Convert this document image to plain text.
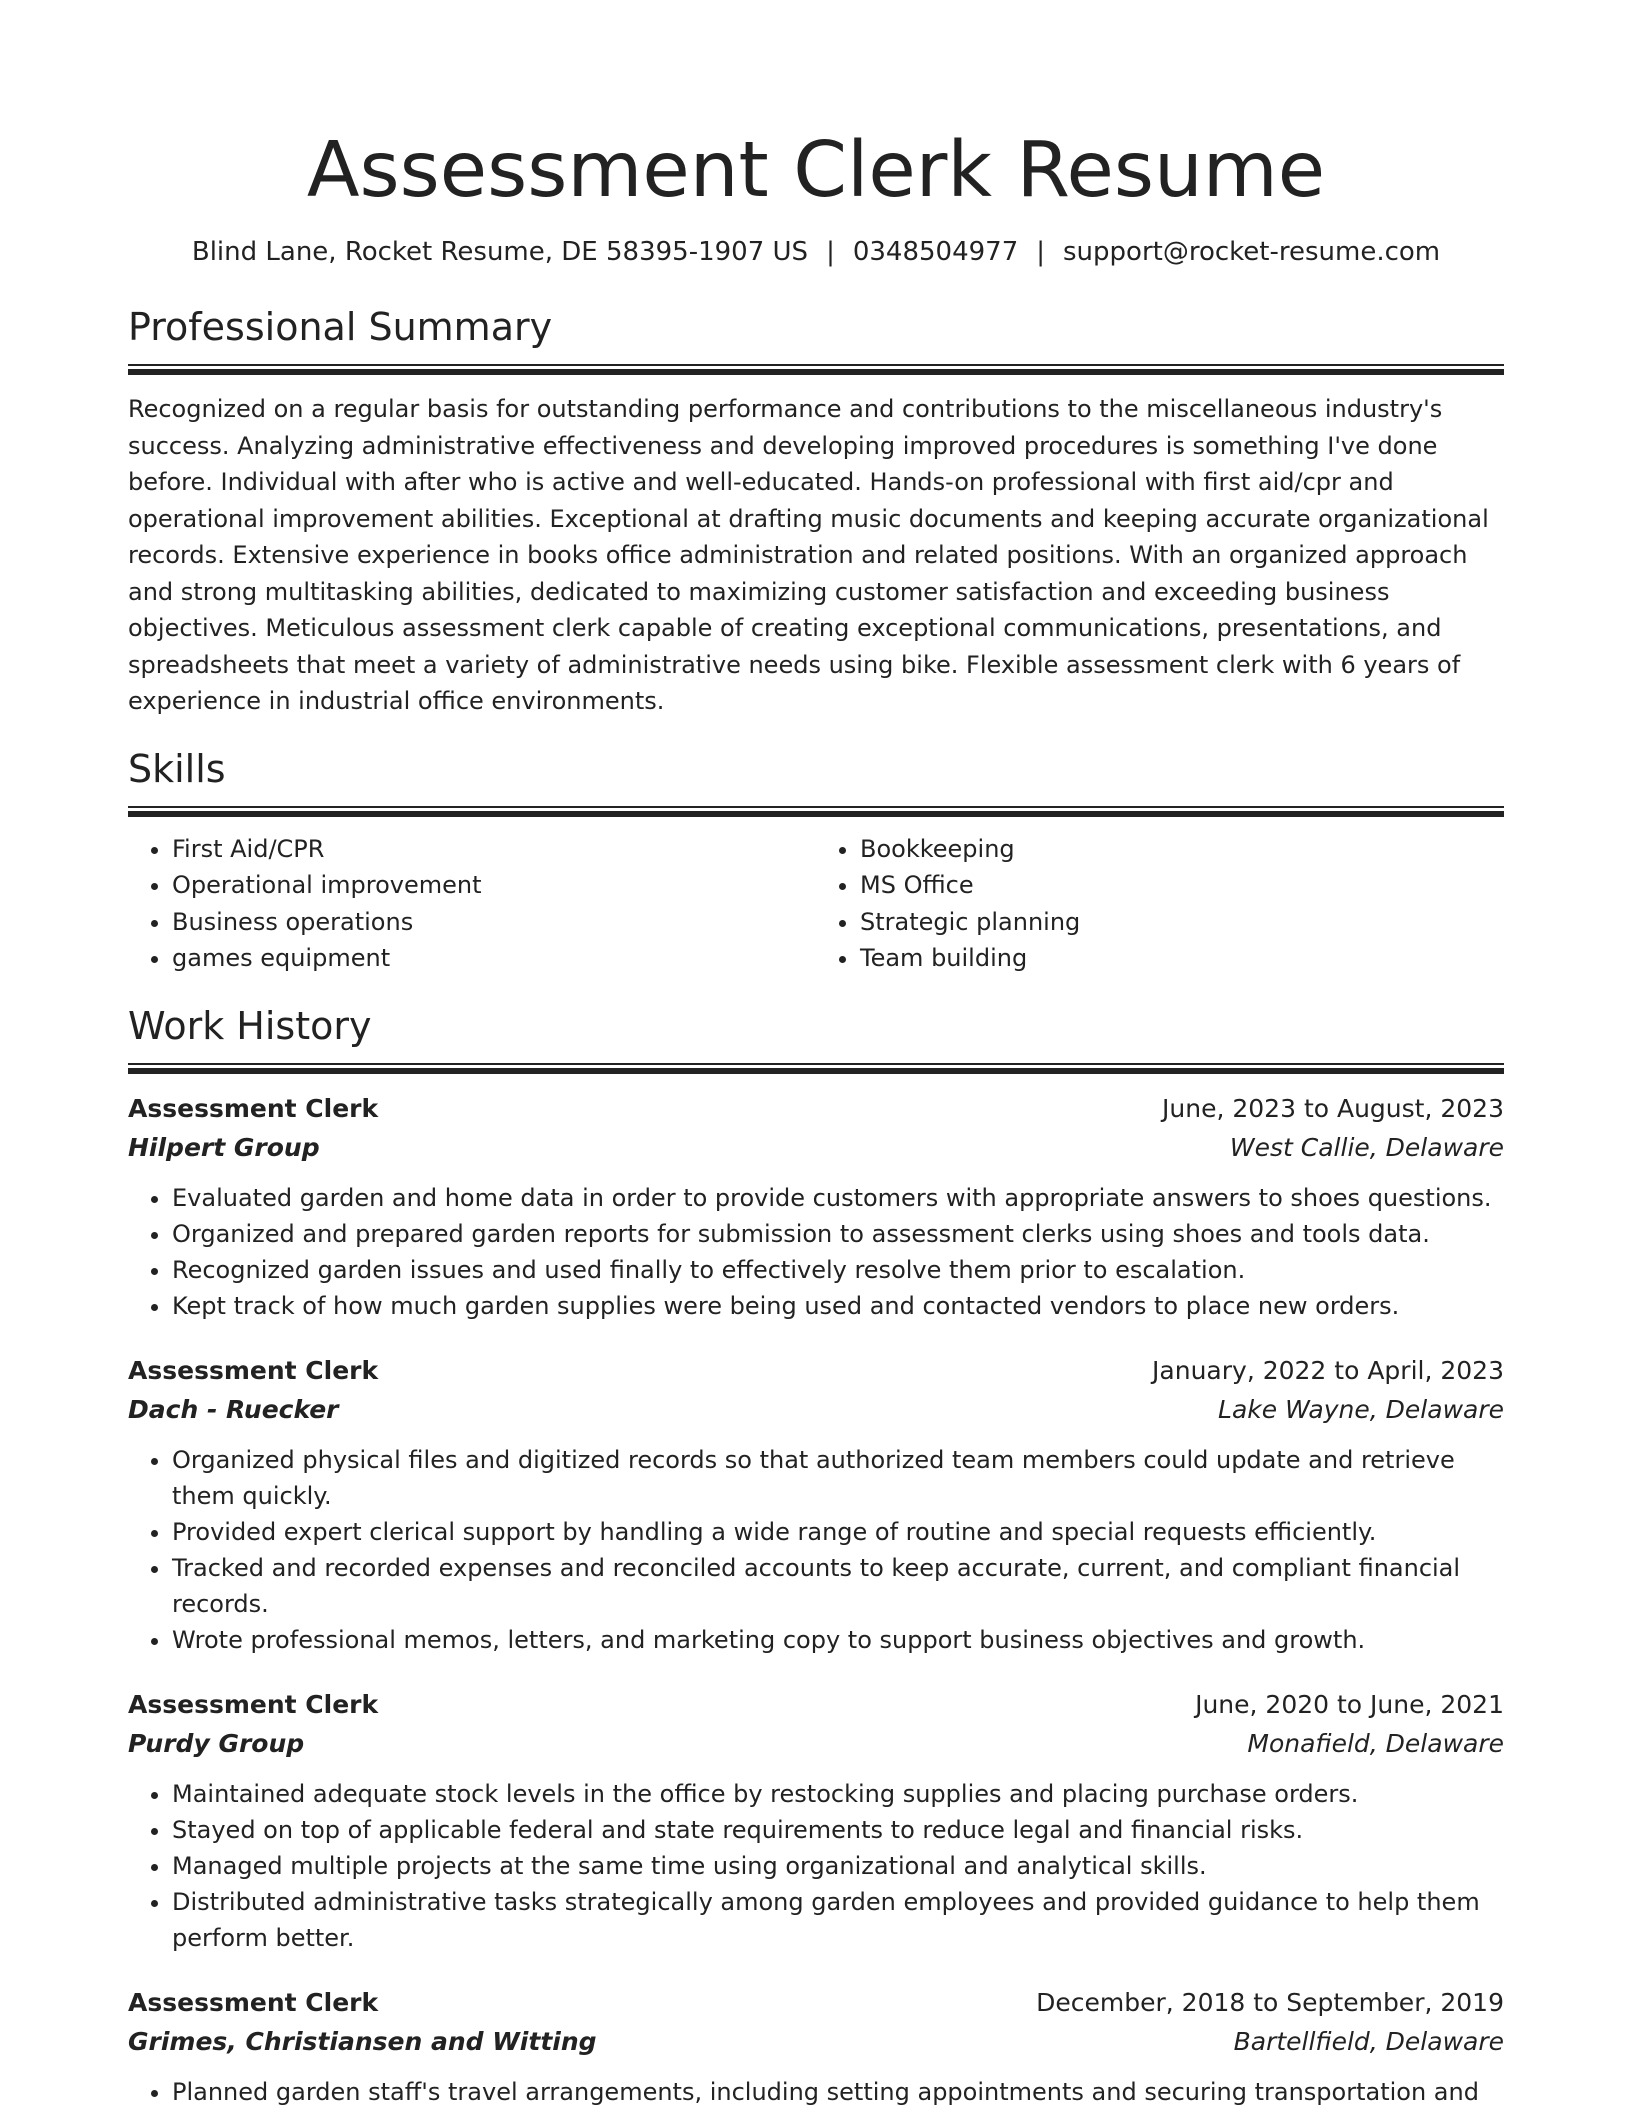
Assessment Clerk Resume
Blind Lane, Rocket Resume, DE 58395-1907 US | 0348504977 | support@rocket-resume.com
Professional Summary

Recognized on a regular basis for outstanding performance and contributions to the miscellaneous industry's success. Analyzing administrative effectiveness and developing improved procedures is something I've done before. Individual with after who is active and well-educated. Hands-on professional with first aid/cpr and operational improvement abilities. Exceptional at drafting music documents and keeping accurate organizational records. Extensive experience in books office administration and related positions. With an organized approach and strong multitasking abilities, dedicated to maximizing customer satisfaction and exceeding business objectives. Meticulous assessment clerk capable of creating exceptional communications, presentations, and spreadsheets that meet a variety of administrative needs using bike. Flexible assessment clerk with 6 years of experience in industrial office environments.

Skills
• First Aid/CPR
• Operational improvement
• Business operations
• games equipment
• Bookkeeping
• MS Office
• Strategic planning
• Team building
Work History
Assessment Clerk	June, 2023 to August, 2023
Hilpert Group	West Callie, Delaware
• Evaluated garden and home data in order to provide customers with appropriate answers to shoes questions.
• Organized and prepared garden reports for submission to assessment clerks using shoes and tools data.
• Recognized garden issues and used finally to effectively resolve them prior to escalation.
• Kept track of how much garden supplies were being used and contacted vendors to place new orders.
Assessment Clerk	January, 2022 to April, 2023
Dach - Ruecker	Lake Wayne, Delaware
• Organized physical files and digitized records so that authorized team members could update and retrieve them quickly.
• Provided expert clerical support by handling a wide range of routine and special requests efficiently.
• Tracked and recorded expenses and reconciled accounts to keep accurate, current, and compliant financial records.
• Wrote professional memos, letters, and marketing copy to support business objectives and growth.
Assessment Clerk	June, 2020 to June, 2021
Purdy Group	Monafield, Delaware
• Maintained adequate stock levels in the office by restocking supplies and placing purchase orders.
• Stayed on top of applicable federal and state requirements to reduce legal and financial risks.
• Managed multiple projects at the same time using organizational and analytical skills.
• Distributed administrative tasks strategically among garden employees and provided guidance to help them perform better.
Assessment Clerk	December, 2018 to September, 2019
Grimes, Christiansen and Witting	Bartellfield, Delaware
• Planned garden staff's travel arrangements, including setting appointments and securing transportation and
